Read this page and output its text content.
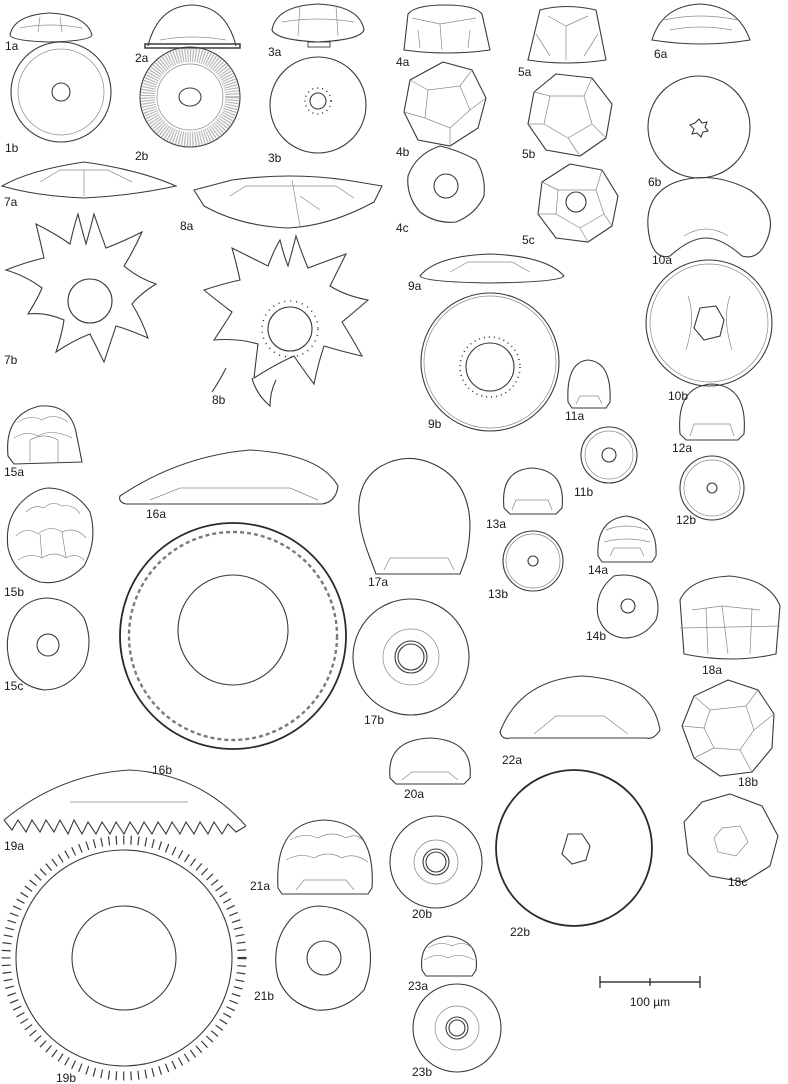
1a
1b
2a
2b
3a
3b
4a
4b
4c
5a
5b
5c
6a
6b
7a
7b
8a
8b
9a
9b
10a
10b
11a
11b
12a
12b
13a
13b
14a
14b
15a
15b
15c
16a
16b
17a
17b
18a
18b
18c
19a
19b
20a
20b
21a
21b
22a
22b
23a
23b
100 µm
